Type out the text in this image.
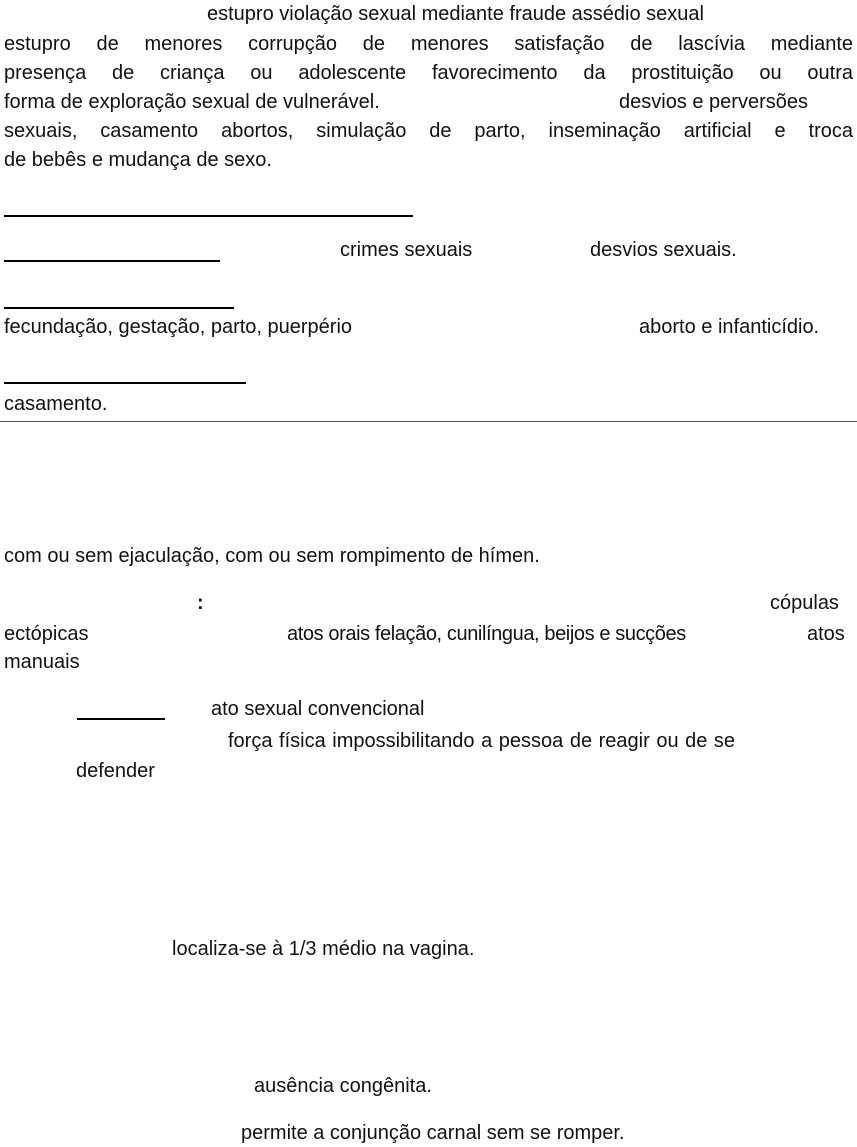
estupro violação sexual mediante fraude assédio sexual
estupro de menores corrupção de menores satisfação de lascívia mediante
presença de criança ou adolescente favorecimento da prostituição ou outra
forma de exploração sexual de vulnerável.	desvios e perversões
sexuais, casamento abortos, simulação de parto, inseminação artificial e troca
de bebês e mudança de sexo.
crimes sexuais	desvios sexuais.
fecundação, gestação, parto, puerpério	aborto e infanticídio.
casamento.
com ou sem ejaculação, com ou sem rompimento de hímen.
:	cópulas
ectópicas	atos orais felação, cunilíngua, beijos e sucções	atos
manuais
ato sexual convencional
força física impossibilitando a pessoa de reagir ou de se
defender
localiza-se à 1/3 médio na vagina.
ausência congênita.
permite a conjunção carnal sem se romper.
